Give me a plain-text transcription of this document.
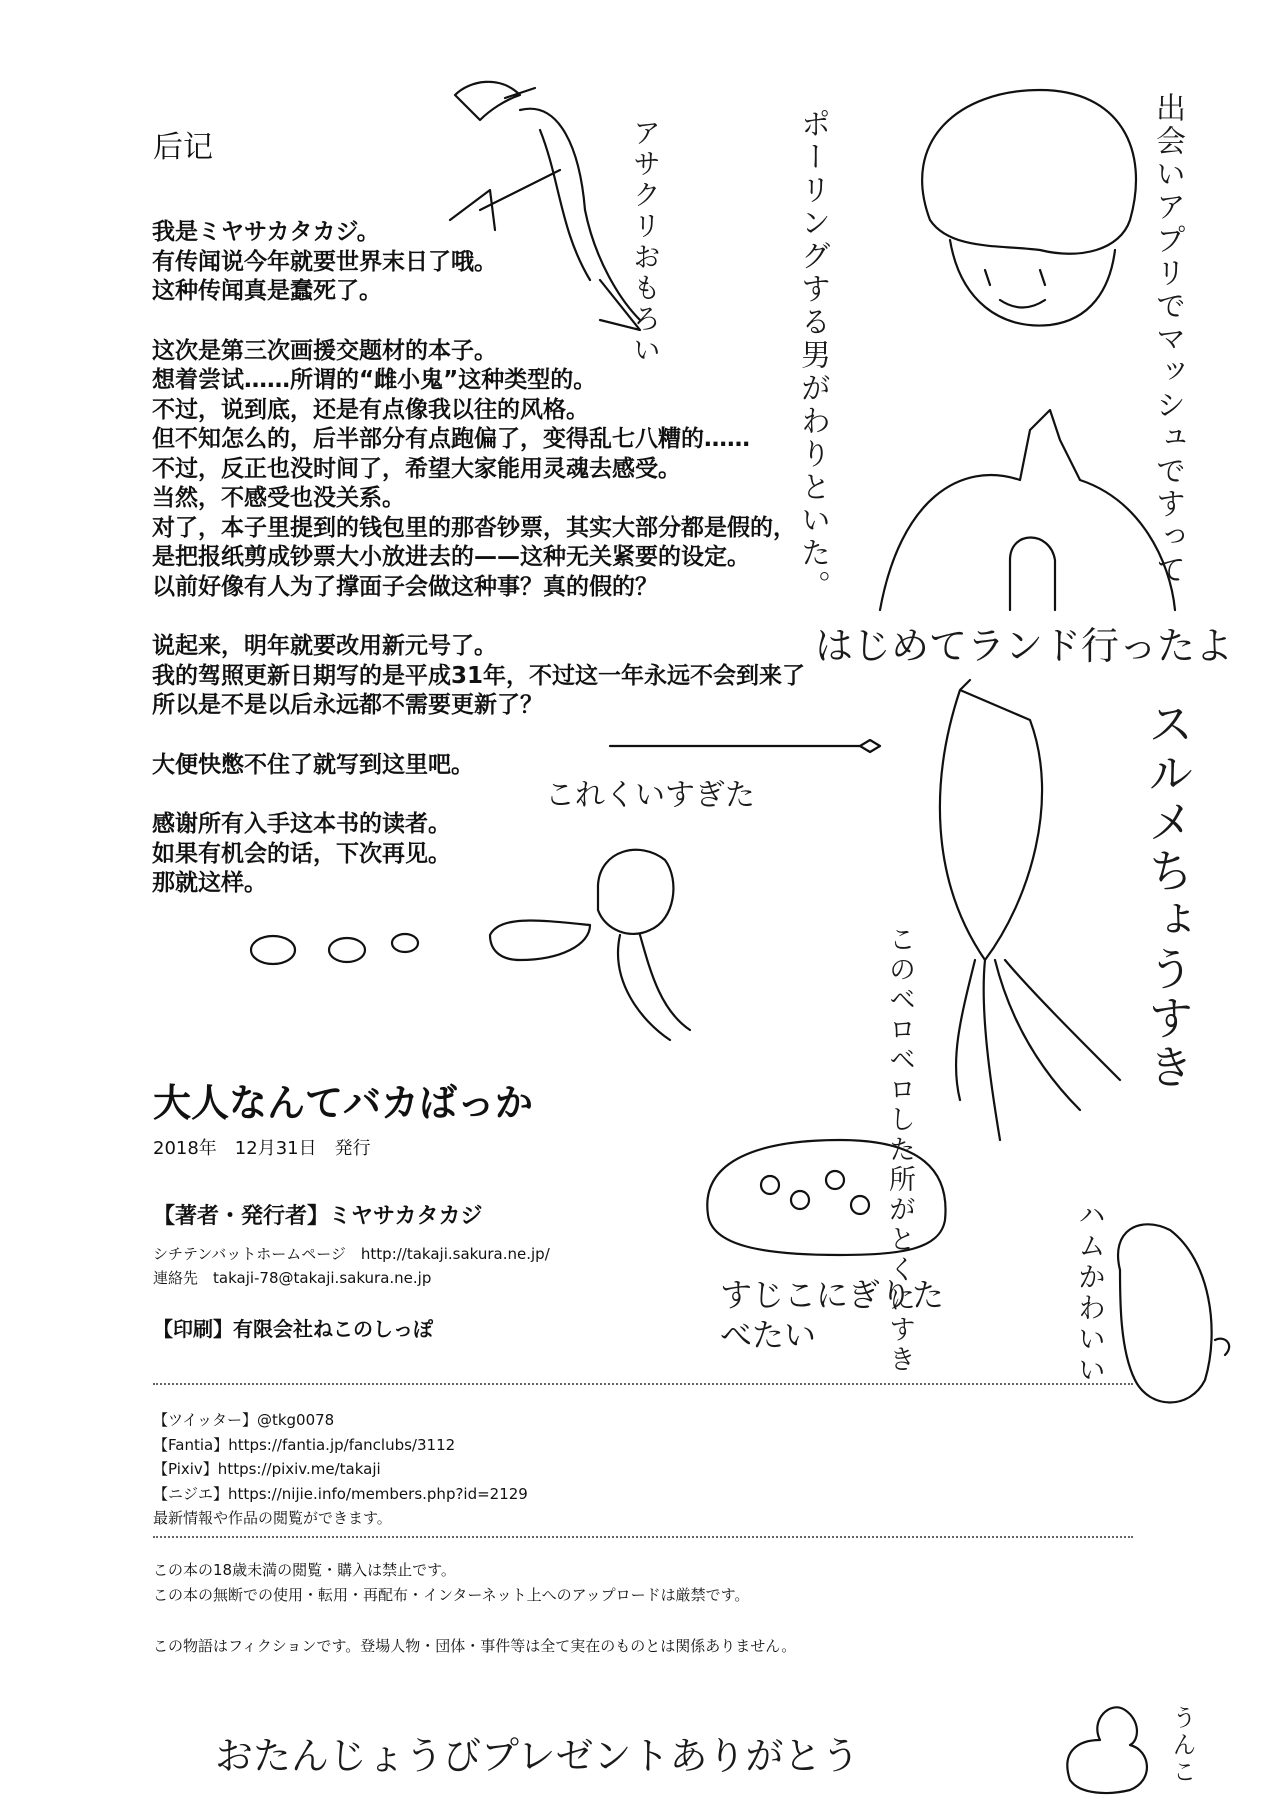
后记
我是ミヤサカタカジ。
有传闻说今年就要世界末日了哦。
这种传闻真是蠢死了。
这次是第三次画援交题材的本子。
想着尝试……所谓的“雌小鬼”这种类型的。
不过，说到底，还是有点像我以往的风格。
但不知怎么的，后半部分有点跑偏了，变得乱七八糟的……
不过，反正也没时间了，希望大家能用灵魂去感受。
当然，不感受也没关系。
对了，本子里提到的钱包里的那沓钞票，其实大部分都是假的，
是把报纸剪成钞票大小放进去的——这种无关紧要的设定。
以前好像有人为了撑面子会做这种事？真的假的？
说起来，明年就要改用新元号了。
我的驾照更新日期写的是平成31年，不过这一年永远不会到来了
所以是不是以后永远都不需要更新了？
大便快憋不住了就写到这里吧。
感谢所有入手这本书的读者。
如果有机会的话，下次再见。
那就这样。
大人なんてバカばっか
2018年　12月31日　発行
【著者・発行者】ミヤサカタカジ
シチテンバットホームページ　http://takaji.sakura.ne.jp/
連絡先　takaji-78@takaji.sakura.ne.jp
【印刷】有限会社ねこのしっぽ
【ツイッター】@tkg0078
【Fantia】https://fantia.jp/fanclubs/3112
【Pixiv】https://pixiv.me/takaji
【ニジエ】https://nijie.info/members.php?id=2129
最新情報や作品の閲覧ができます。
この本の18歳未満の閲覧・購入は禁止です。
この本の無断での使用・転用・再配布・インターネット上へのアップロードは厳禁です。
この物語はフィクションです。登場人物・団体・事件等は全て実在のものとは関係ありません。
アサクリおもろい	ポーリングする男がわりといた。	出会いアプリでマッシュですって
はじめてランド行ったよ
これくいすぎた	スルメちょうすき
このベロベロした所がとくにすき
すじこにぎりたべたい	ハムかわいい
おたんじょうびプレゼントありがとう	うんこ
